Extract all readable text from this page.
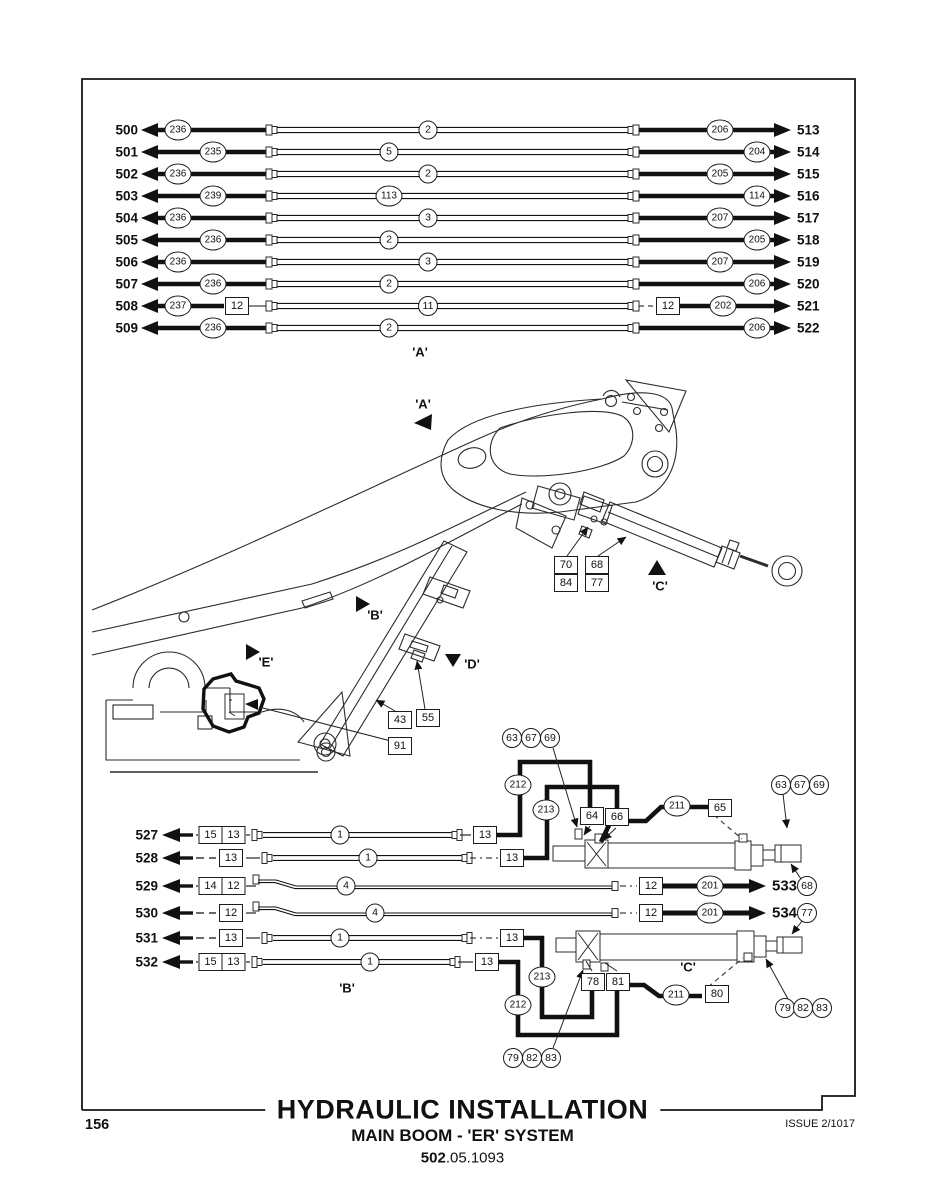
HYDRAULIC INSTALLATION
MAIN BOOM - 'ER' SYSTEM
502.05.1093
156	ISSUE 2/1017
500	513
236	2	206
501	514
235	5	204
502	515
236	2	205
503	516
239	113	114
504	517
236	3	207
505	518
236	2	205
506	519
236	3	207
507	520
236	2	206
508	12	12	521
237	11	202
509	522
236	2	206
527	15 13	13
1
528	13	13
1
529	14 12	12	201	533 68
4
530	12	12	201	534 77
4
531	13	13
1
532	15 13	13
1
70
84
68
77
43	55
91
63 67 69
212
213	64	66
211	65
63 67 69
213
212
78	81
211	80
79 82 83
79 82 83
'A'
'A'
'B'
'C'
'D'
'E'
'B'
'C'
